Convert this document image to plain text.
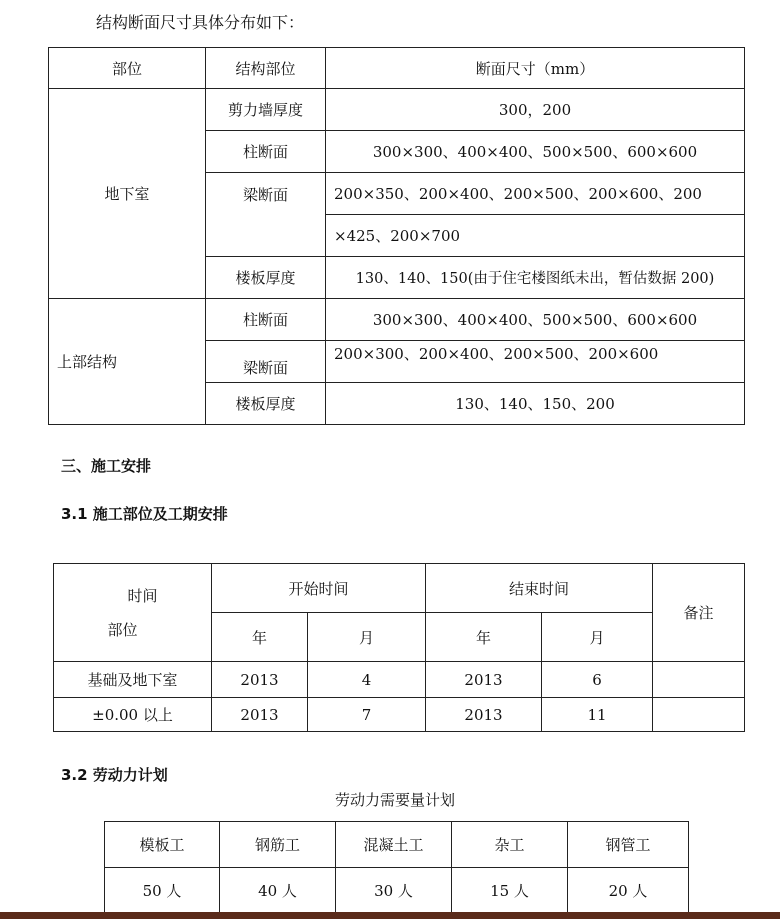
结构断面尺寸具体分布如下：
部位	结构部位	断面尺寸（mm）
地下室	剪力墙厚度	300，200
	柱断面	300×300、400×400、500×500、600×600
	梁断面	200×350、200×400、200×500、200×600、200
		×425、200×700
	楼板厚度	130、140、150(由于住宅楼图纸未出，暂估数据 200)
上部结构	柱断面	300×300、400×400、500×500、600×600
	梁断面	200×300、200×400、200×500、200×600
	楼板厚度	130、140、150、200
三、施工安排
3.1 施工部位及工期安排
时间
部位	开始时间		结束时间		备注
	年	月	年	月	
基础及地下室	2013	4	2013	6	
±0.00 以上	2013	7	2013	11	
3.2 劳动力计划
劳动力需要量计划
模板工	钢筋工	混凝土工	杂工	钢管工
50 人	40 人	30 人	15 人	20 人
